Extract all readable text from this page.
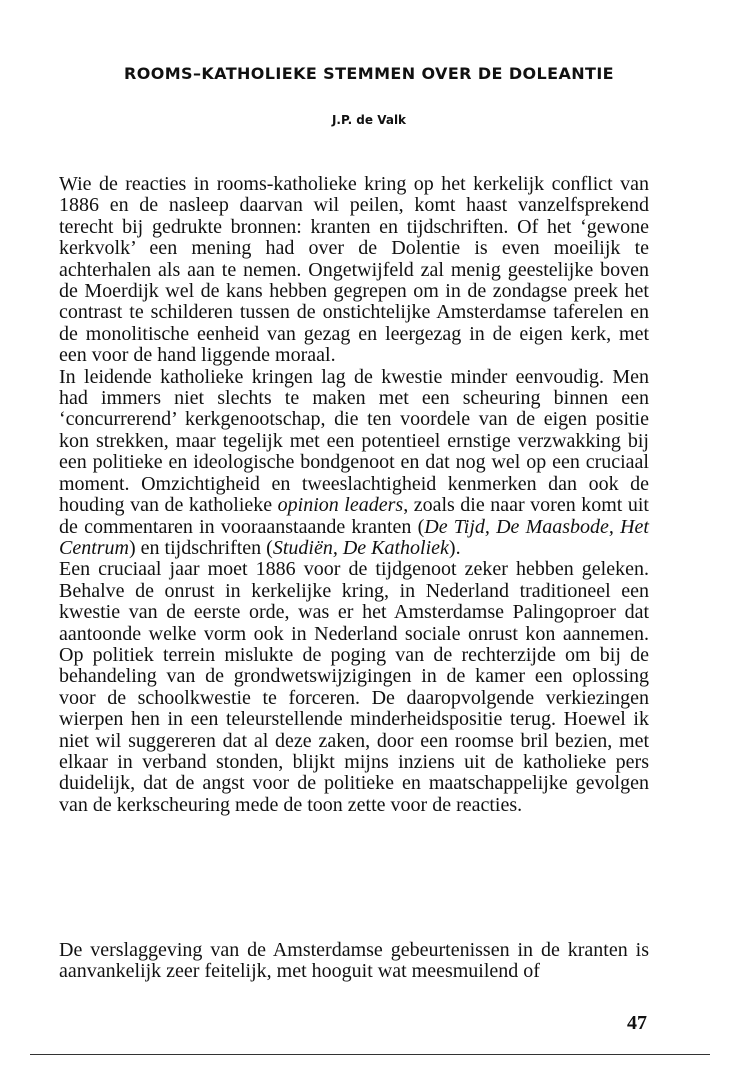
ROOMS–KATHOLIEKE STEMMEN OVER DE DOLEANTIE
J.P. de Valk

Wie de reacties in rooms-katholieke kring op het kerkelijk conflict van 1886 en de nasleep daarvan wil peilen, komt haast vanzelfsprekend terecht bij gedrukte bronnen: kranten en tijdschriften. Of het ‘gewone kerkvolk’ een mening had over de Dolentie is even moeilijk te achterhalen als aan te nemen. Ongetwijfeld zal menig geestelijke boven de Moerdijk wel de kans hebben gegrepen om in de zondagse preek het contrast te schilderen tussen de onstichtelijke Amsterdamse taferelen en de monolitische eenheid van gezag en leergezag in de eigen kerk, met een voor de hand liggende moraal.

In leidende katholieke kringen lag de kwestie minder eenvoudig. Men had immers niet slechts te maken met een scheuring binnen een ‘concurrerend’ kerkgenootschap, die ten voordele van de eigen positie kon strekken, maar tegelijk met een potentieel ernstige verzwakking bij een politieke en ideologische bondgenoot en dat nog wel op een cruciaal moment. Omzichtigheid en tweeslachtigheid kenmerken dan ook de houding van de katholieke opinion leaders, zoals die naar voren komt uit de commentaren in vooraanstaande kranten (De Tijd, De Maasbode, Het Centrum) en tijdschriften (Studiën, De Katholiek).

Een cruciaal jaar moet 1886 voor de tijdgenoot zeker hebben geleken. Behalve de onrust in kerkelijke kring, in Nederland traditioneel een kwestie van de eerste orde, was er het Amsterdamse Palingoproer dat aantoonde welke vorm ook in Nederland sociale onrust kon aannemen. Op politiek terrein mislukte de poging van de rechterzijde om bij de behandeling van de grondwetswijzigingen in de kamer een oplossing voor de schoolkwestie te forceren. De daaropvolgende verkiezingen wierpen hen in een teleurstellende minderheidspositie terug. Hoewel ik niet wil suggereren dat al deze zaken, door een roomse bril bezien, met elkaar in verband stonden, blijkt mijns inziens uit de katholieke pers duidelijk, dat de angst voor de politieke en maatschappelijke gevolgen van de kerkscheuring mede de toon zette voor de reacties.

De verslaggeving van de Amsterdamse gebeurtenissen in de kranten is aanvankelijk zeer feitelijk, met hooguit wat meesmuilend of

47
